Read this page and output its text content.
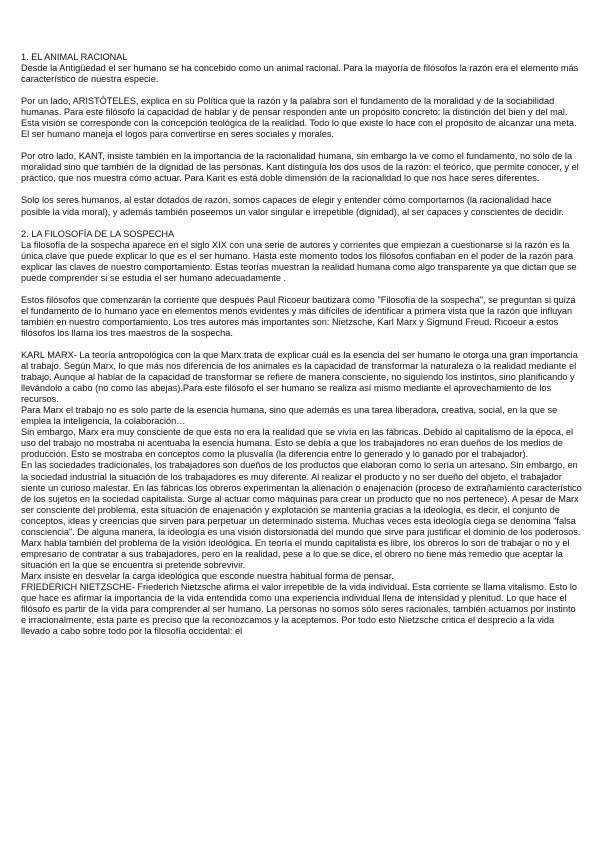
1. EL ANIMAL RACIONAL

Desde la Antigüedad el ser humano se ha concebido como un animal racional. Para la mayoría de filósofos la razón era el elemento más característico de nuestra especie.

Por un lado, ARISTÓTELES, explica en su Política que la razón y la palabra son el fundamento de la moralidad y de la sociabilidad humanas. Para este filósofo la capacidad de hablar y de pensar responden ante un propósito concreto: la distinción del bien y del mal. Esta visión se corresponde con la concepción teológica de la realidad. Todo lo que existe lo hace con el propósito de alcanzar una meta. El ser humano maneja el logos para convertirse en seres sociales y morales.

Por otro lado, KANT, insiste también en la importancia de la racionalidad humana, sin embargo la ve como el fundamento, no sólo de la moralidad sino que también de la dignidad de las personas. Kant distinguía los dos usos de la razón: el teórico, que permite conocer, y el práctico, que nos muestra cómo actuar. Para Kant es está doble dimensión de la racionalidad lo que nos hace seres diferentes.

Solo los seres humanos, al estar dotados de razón, somos capaces de elegir y entender cómo comportarnos (la racionalidad hace posible la vida moral), y además también poseemos un valor singular e irrepetible (dignidad), al ser capaces y conscientes de decidir.

2. LA FILOSOFÍA DE LA SOSPECHA

La filosofía de la sospecha aparece en el siglo XIX con una serie de autores y corrientes que empiezan a cuestionarse si la razón es la única clave que puede explicar lo que es el ser humano. Hasta este momento todos los filósofos confiaban en el poder de la razón para explicar las claves de nuestro comportamiento. Estas teorías muestran la realidad humana como algo transparente ya que dictan que se puede comprender si se estudia el ser humano adecuadamente .

Estos filósofos que comenzarán la corriente que después Paul Ricoeur bautizará como "Filosofía de la sospecha", se preguntan si quizá el fundamento de lo humano yace en elementos menos evidentes y más difíciles de identificar a primera vista que la razón que influyan también en nuestro comportamiento. Los tres autores más importantes son: Nietzsche, Karl Marx y Sigmund Freud. Ricoeur a estos filósofos los llama los tres maestros de la sospecha.

KARL MARX- La teoría antropológica con la que Marx trata de explicar cuál es la esencia del ser humano le otorga una gran importancia al trabajo. Según Marx, lo que más nos diferencia de los animales es la capacidad de transformar la naturaleza o la realidad mediante el trabajo. Aunque al hablar de la capacidad de transformar se refiere de manera consciente, no siguiendo los instintos, sino planificando y llevándolo a cabo (no como las abejas).Para este filósofo el ser humano se realiza así mismo mediante el aprovechamiento de los recursos.

Para Marx el trabajo no es solo parte de la esencia humana, sino que además es una tarea liberadora, creativa, social, en la que se emplea la inteligencia, la colaboración…

Sin embargo, Marx era muy consciente de que esta no era la realidad que se vivía en las fábricas. Debido al capitalismo de la época, el uso del trabajo no mostraba ni acentuaba la esencia humana. Esto se debía a que los trabajadores no eran dueños de los medios de producción. Esto se mostraba en conceptos como la plusvalía (la diferencia entre lo generado y lo ganado por el trabajador).

En las sociedades tradicionales, los trabajadores son dueños de los productos que elaboran como lo sería un artesano. Sin embargo, en la sociedad industrial la situación de los trabajadores es muy diferente. Al realizar el producto y no ser dueño del objeto, el trabajador siente un curioso malestar. En las fábricas los obreros experimentan la alienación o enajenación (proceso de extrañamiento característico de los sujetos en la sociedad capitalista. Surge al actuar como máquinas para crear un producto que no nos pertenece). A pesar de Marx ser consciente del problema, esta situación de enajenación y explotación se mantenía gracias a la ideología, es decir, el conjunto de conceptos, ideas y creencias que sirven para perpetuar un determinado sistema. Muchas veces esta ideología ciega se denomina "falsa consciencia". De alguna manera, la ideología es una visión distorsionada del mundo que sirve para justificar el dominio de los poderosos.

Marx habla también del problema de la visión ideológica. En teoría el mundo capitalista es libre, los obreros lo son de trabajar o no y el empresario de contratar a sus trabajadores, pero en la realidad, pese a lo que se dice, el obrero no tiene más remedio que aceptar la situación en la que se encuentra si pretende sobrevivir.

Marx insiste en desvelar la carga ideológica que esconde nuestra habitual forma de pensar.

FRIEDERICH NIETZSCHE- Friederich Nietzsche afirma el valor irrepetible de la vida individual. Esta corriente se llama vitalismo. Esto lo que hace es afirmar la importancia de la vida entendida como una experiencia individual llena de intensidad y plenitud. Lo que hace el filósofo es partir de la vida para comprender al ser humano. La personas no somos sólo seres racionales, también actuamos por instinto e irracionalmente, esta parte es preciso que la reconozcamos y la aceptemos. Por todo esto Nietzsche critica el desprecio a la vida llevado a cabo sobre todo por la filosofía occidental: el
